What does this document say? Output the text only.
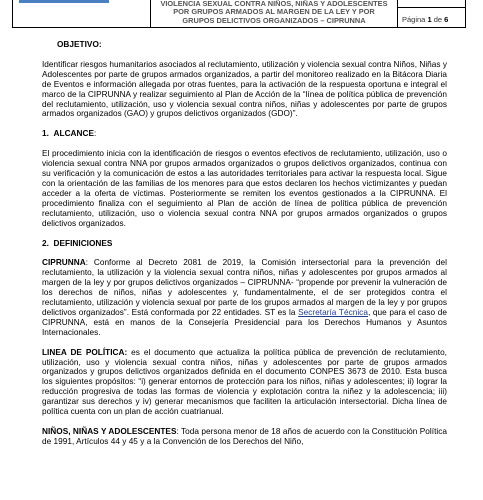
VIOLENCIA SEXUAL CONTRA NIÑOS, NIÑAS Y ADOLESCENTES
POR GRUPOS ARMADOS AL MARGEN DE LA LEY Y POR
GRUPOS DELICTIVOS ORGANIZADOS – CIPRUNNA	Página 1 de 6

OBJETIVO:

Identificar riesgos humanitarios asociados al reclutamiento, utilización y violencia sexual contra Niños, Niñas y Adolescentes por parte de grupos armados organizados, a partir del monitoreo realizado en la Bitácora Diaria de Eventos e información allegada por otras fuentes, para la activación de la respuesta oportuna e integral el marco de la CIPRUNNA y realizar seguimiento al Plan de Acción de la “línea de política pública de prevención del reclutamiento, utilización, uso y violencia sexual contra niños, niñas y adolescentes por parte de grupos armados organizados (GAO) y grupos delictivos organizados (GDO)”.

1. ALCANCE:

El procedimiento inicia con la identificación de riesgos o eventos efectivos de reclutamiento, utilización, uso o violencia sexual contra NNA por grupos armados organizados o grupos delictivos organizados, continua con su verificación y la comunicación de estos a las autoridades territoriales para activar la respuesta local. Sigue con la orientación de las familias de los menores para que estos declaren los hechos victimizantes y puedan acceder a la oferta de víctimas. Posteriormente se remiten los eventos gestionados a la CIPRUNNA. El procedimiento finaliza con el seguimiento al Plan de acción de línea de política pública de prevención reclutamiento, utilización, uso o violencia sexual contra NNA por grupos armados organizados o grupos delictivos organizados.

2. DEFINICIONES

CIPRUNNA: Conforme al Decreto 2081 de 2019, la Comisión intersectorial para la prevención del reclutamiento, la utilización y la violencia sexual contra niños, niñas y adolescentes por grupos armados al margen de la ley y por grupos delictivos organizados – CIPRUNNA- “propende por prevenir la vulneración de los derechos de niños, niñas y adolescentes y, fundamentalmente, el de ser protegidos contra el reclutamiento, utilización y violencia sexual por parte de los grupos armados al margen de la ley y por grupos delictivos organizados”. Está conformada por 22 entidades. ST es la Secretaría Técnica, que para el caso de CIPRUNNA, está en manos de la Consejería Presidencial para los Derechos Humanos y Asuntos Internacionales.

LINEA DE POLÍTICA: es el documento que actualiza la política pública de prevención de reclutamiento, utilización, uso y violencia sexual contra niños, niñas y adolescentes por parte de grupos armados organizados y grupos delictivos organizados definida en el documento CONPES 3673 de 2010. Esta busca los siguientes propósitos: “i) generar entornos de protección para los niños, niñas y adolescentes; ii) lograr la reducción progresiva de todas las formas de violencia y explotación contra la niñez y la adolescencia; iii) garantizar sus derechos y iv) generar mecanismos que faciliten la articulación intersectorial. Dicha línea de política cuenta con un plan de acción cuatrianual.

NIÑOS, NIÑAS Y ADOLESCENTES: Toda persona menor de 18 años de acuerdo con la Constitución Política de 1991, Artículos 44 y 45 y a la Convención de los Derechos del Niño,
